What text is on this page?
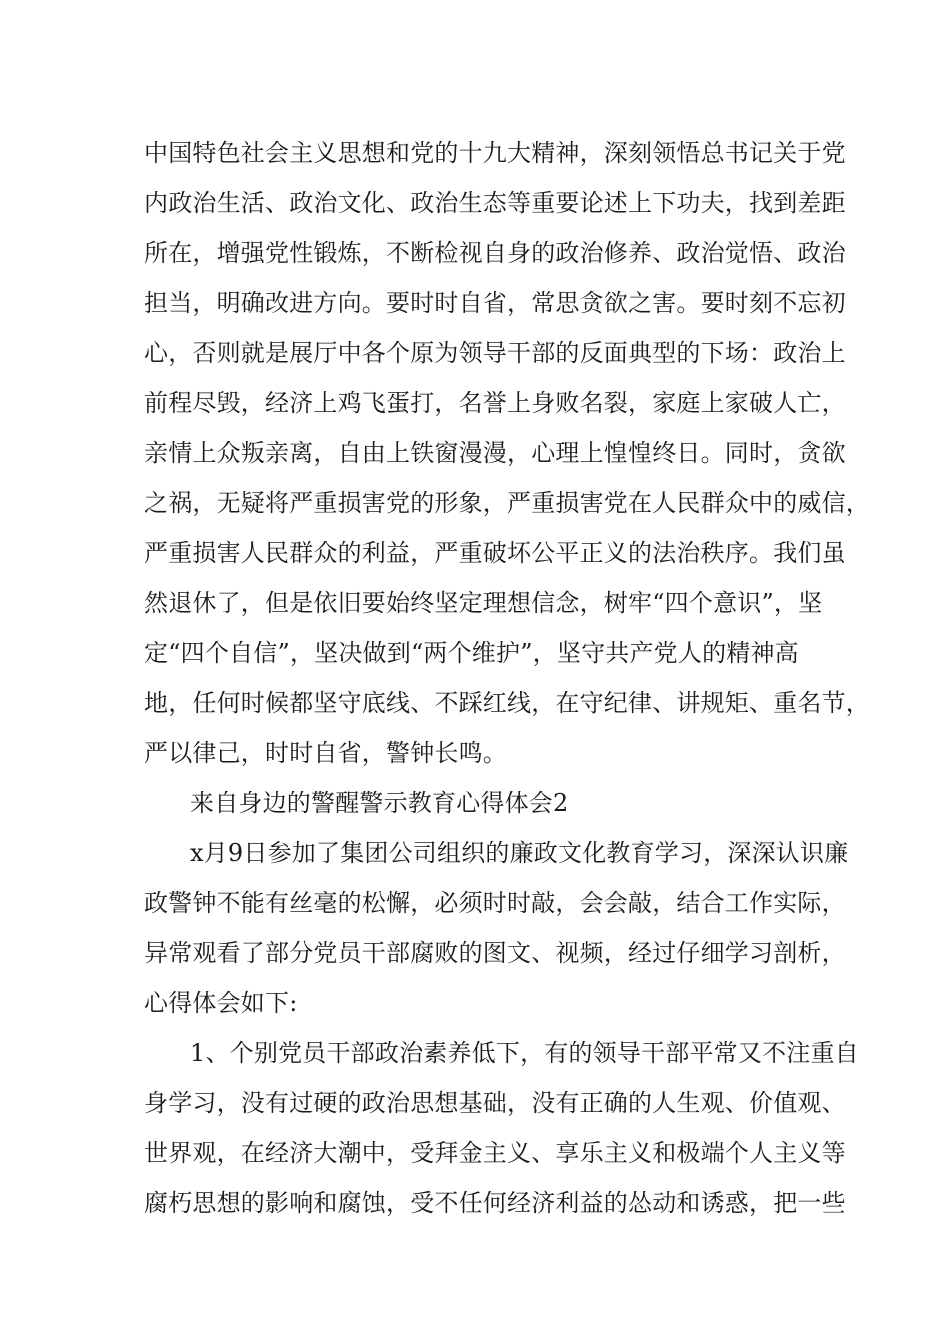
中国特色社会主义思想和党的十九大精神，深刻领悟总书记关于党
内政治生活、政治文化、政治生态等重要论述上下功夫，找到差距
所在，增强党性锻炼，不断检视自身的政治修养、政治觉悟、政治
担当，明确改进方向。要时时自省，常思贪欲之害。要时刻不忘初
心，否则就是展厅中各个原为领导干部的反面典型的下场：政治上
前程尽毁，经济上鸡飞蛋打，名誉上身败名裂，家庭上家破人亡，
亲情上众叛亲离，自由上铁窗漫漫，心理上惶惶终日。同时，贪欲
之祸，无疑将严重损害党的形象，严重损害党在人民群众中的威信，
严重损害人民群众的利益，严重破坏公平正义的法治秩序。我们虽
然退休了，但是依旧要始终坚定理想信念，树牢“四个意识”，坚
定“四个自信”，坚决做到“两个维护”，坚守共产党人的精神高
地，任何时候都坚守底线、不踩红线，在守纪律、讲规矩、重名节，
严以律己，时时自省，警钟长鸣。
来自身边的警醒警示教育心得体会2
x月9日参加了集团公司组织的廉政文化教育学习，深深认识廉
政警钟不能有丝毫的松懈，必须时时敲，会会敲，结合工作实际，
异常观看了部分党员干部腐败的图文、视频，经过仔细学习剖析，
心得体会如下:
1、个别党员干部政治素养低下，有的领导干部平常又不注重自
身学习，没有过硬的政治思想基础，没有正确的人生观、价值观、
世界观，在经济大潮中，受拜金主义、享乐主义和极端个人主义等
腐朽思想的影响和腐蚀，受不任何经济利益的怂动和诱惑，把一些
